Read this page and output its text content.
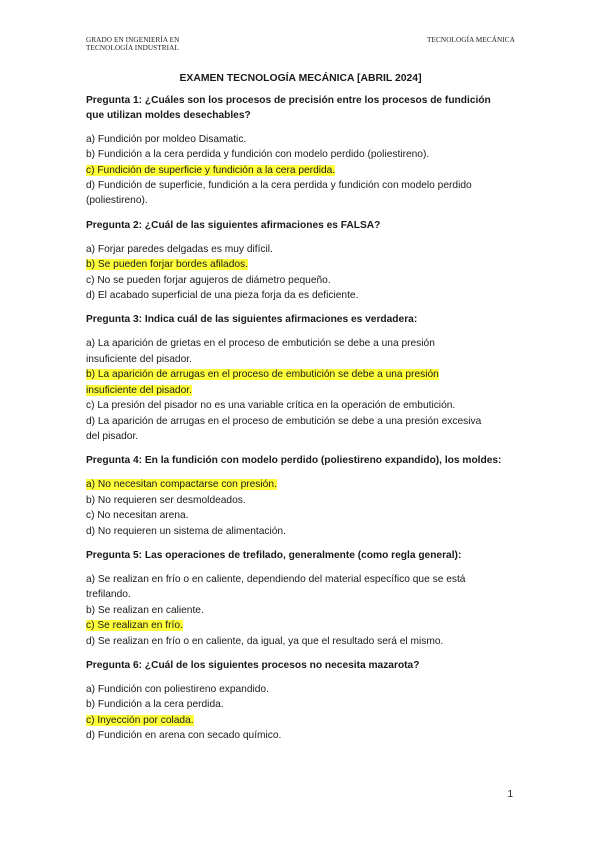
GRADO EN INGENIERÍA EN
TECNOLOGÍA INDUSTRIAL
TECNOLOGÍA MECÁNICA
EXAMEN TECNOLOGÍA MECÁNICA [ABRIL 2024]
Pregunta 1: ¿Cuáles son los procesos de precisión entre los procesos de fundición
que utilizan moldes desechables?
a) Fundición por moldeo Disamatic.
b) Fundición a la cera perdida y fundición con modelo perdido (poliestireno).
c) Fundición de superficie y fundición a la cera perdida.
d) Fundición de superficie, fundición a la cera perdida y fundición con modelo perdido
(poliestireno).
Pregunta 2: ¿Cuál de las siguientes afirmaciones es FALSA?
a) Forjar paredes delgadas es muy difícil.
b) Se pueden forjar bordes afilados.
c) No se pueden forjar agujeros de diámetro pequeño.
d) El acabado superficial de una pieza forja da es deficiente.
Pregunta 3: Indica cuál de las siguientes afirmaciones es verdadera:
a) La aparición de grietas en el proceso de embutición se debe a una presión
insuficiente del pisador.
b) La aparición de arrugas en el proceso de embutición se debe a una presión
insuficiente del pisador.
c) La presión del pisador no es una variable crítica en la operación de embutición.
d) La aparición de arrugas en el proceso de embutición se debe a una presión excesiva
del pisador.
Pregunta 4: En la fundición con modelo perdido (poliestireno expandido), los moldes:
a) No necesitan compactarse con presión.
b) No requieren ser desmoldeados.
c) No necesitan arena.
d) No requieren un sistema de alimentación.
Pregunta 5: Las operaciones de trefilado, generalmente (como regla general):
a) Se realizan en frío o en caliente, dependiendo del material específico que se está
trefilando.
b) Se realizan en caliente.
c) Se realizan en frío.
d) Se realizan en frío o en caliente, da igual, ya que el resultado será el mismo.
Pregunta 6: ¿Cuál de los siguientes procesos no necesita mazarota?
a) Fundición con poliestireno expandido.
b) Fundición a la cera perdida.
c) Inyección por colada.
d) Fundición en arena con secado químico.
1
